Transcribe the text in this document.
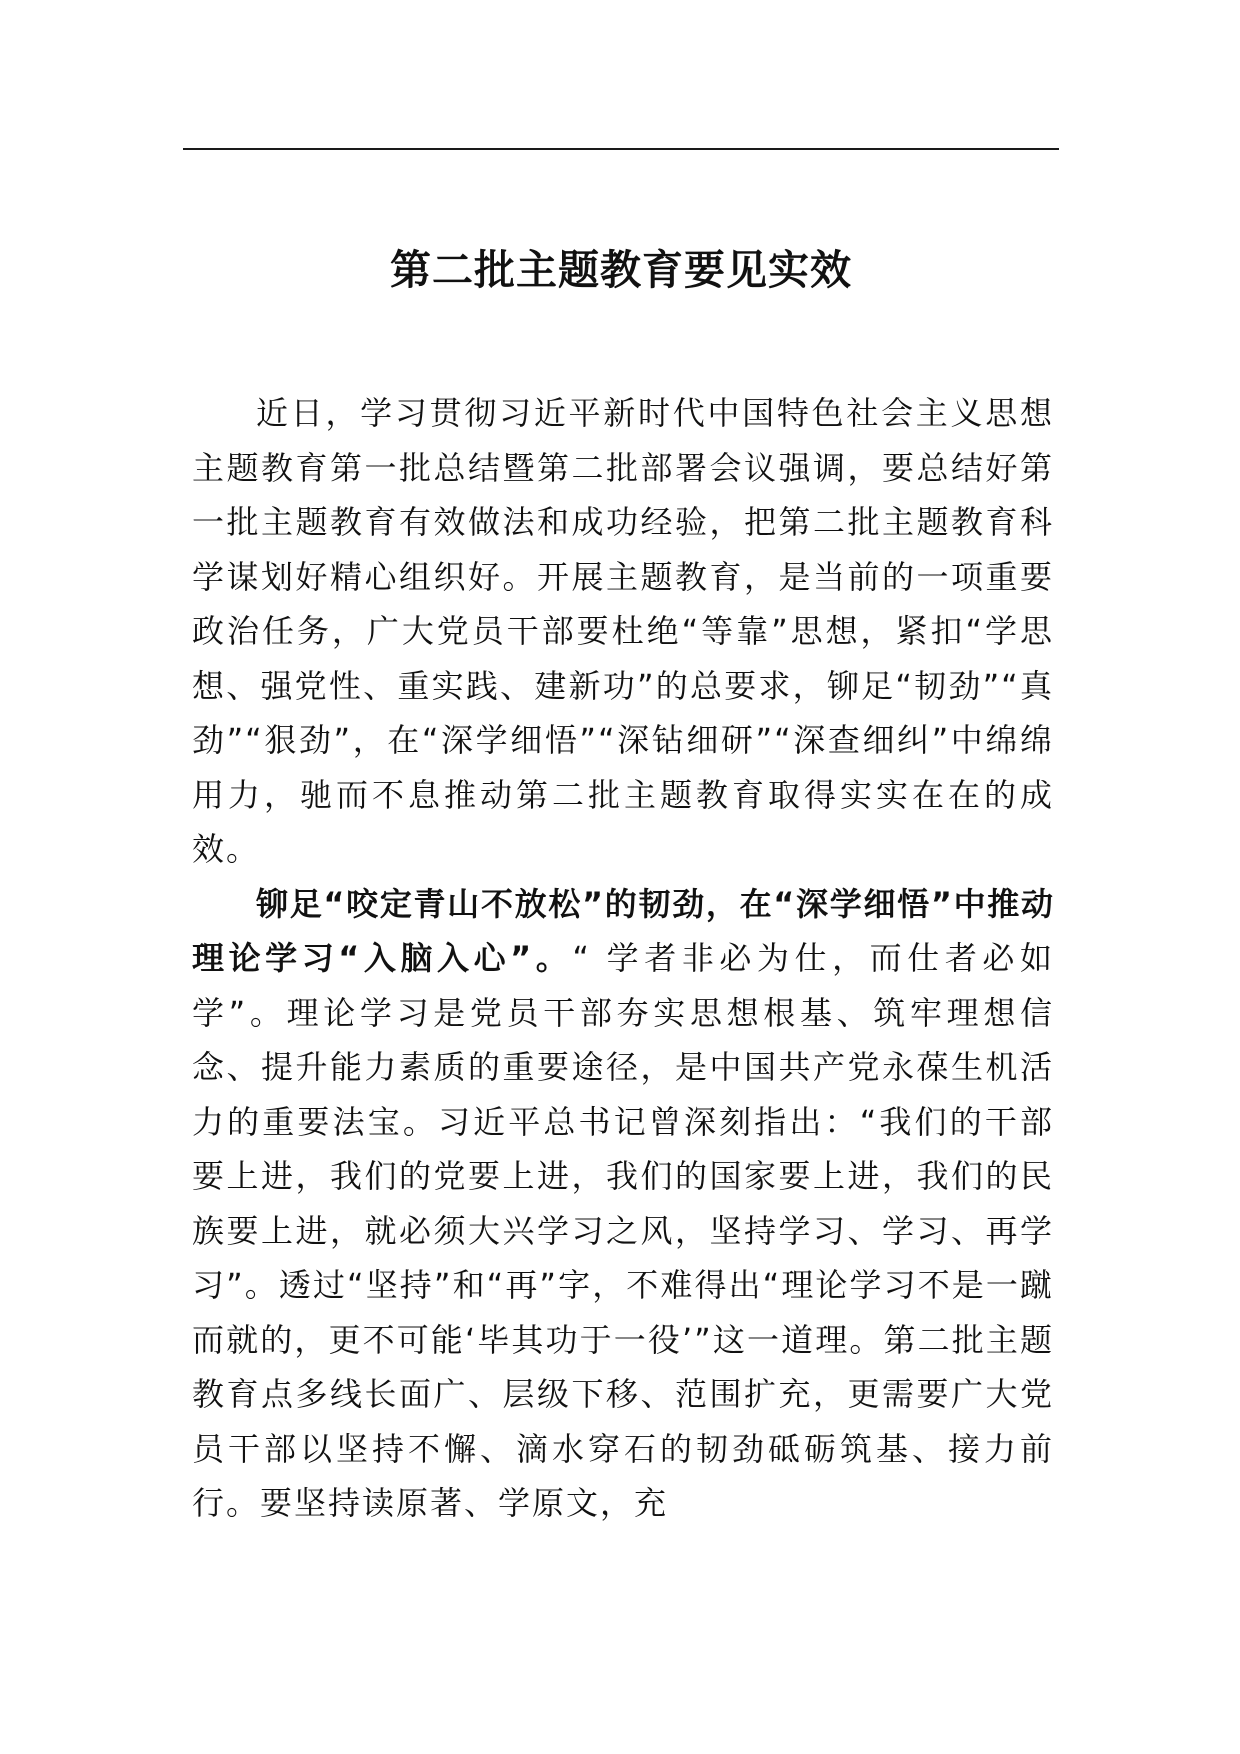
第二批主题教育要见实效

近日，学习贯彻习近平新时代中国特色社会主义思想主题教育第一批总结暨第二批部署会议强调，要总结好第一批主题教育有效做法和成功经验，把第二批主题教育科学谋划好精心组织好。开展主题教育，是当前的一项重要政治任务，广大党员干部要杜绝“等靠”思想，紧扣“学思想、强党性、重实践、建新功”的总要求，铆足“韧劲”“真劲”“狠劲”，在“深学细悟”“深钻细研”“深查细纠”中绵绵用力，驰而不息推动第二批主题教育取得实实在在的成效。

铆足“咬定青山不放松”的韧劲，在“深学细悟”中推动理论学习“入脑入心”。“ 学者非必为仕，而仕者必如学”。理论学习是党员干部夯实思想根基、筑牢理想信念、提升能力素质的重要途径，是中国共产党永葆生机活力的重要法宝。习近平总书记曾深刻指出：“我们的干部要上进，我们的党要上进，我们的国家要上进，我们的民族要上进，就必须大兴学习之风，坚持学习、学习、再学习”。透过“坚持”和“再”字，不难得出“理论学习不是一蹴而就的，更不可能‘毕其功于一役’”这一道理。第二批主题教育点多线长面广、层级下移、范围扩充，更需要广大党员干部以坚持不懈、滴水穿石的韧劲砥砺筑基、接力前行。要坚持读原著、学原文，充
